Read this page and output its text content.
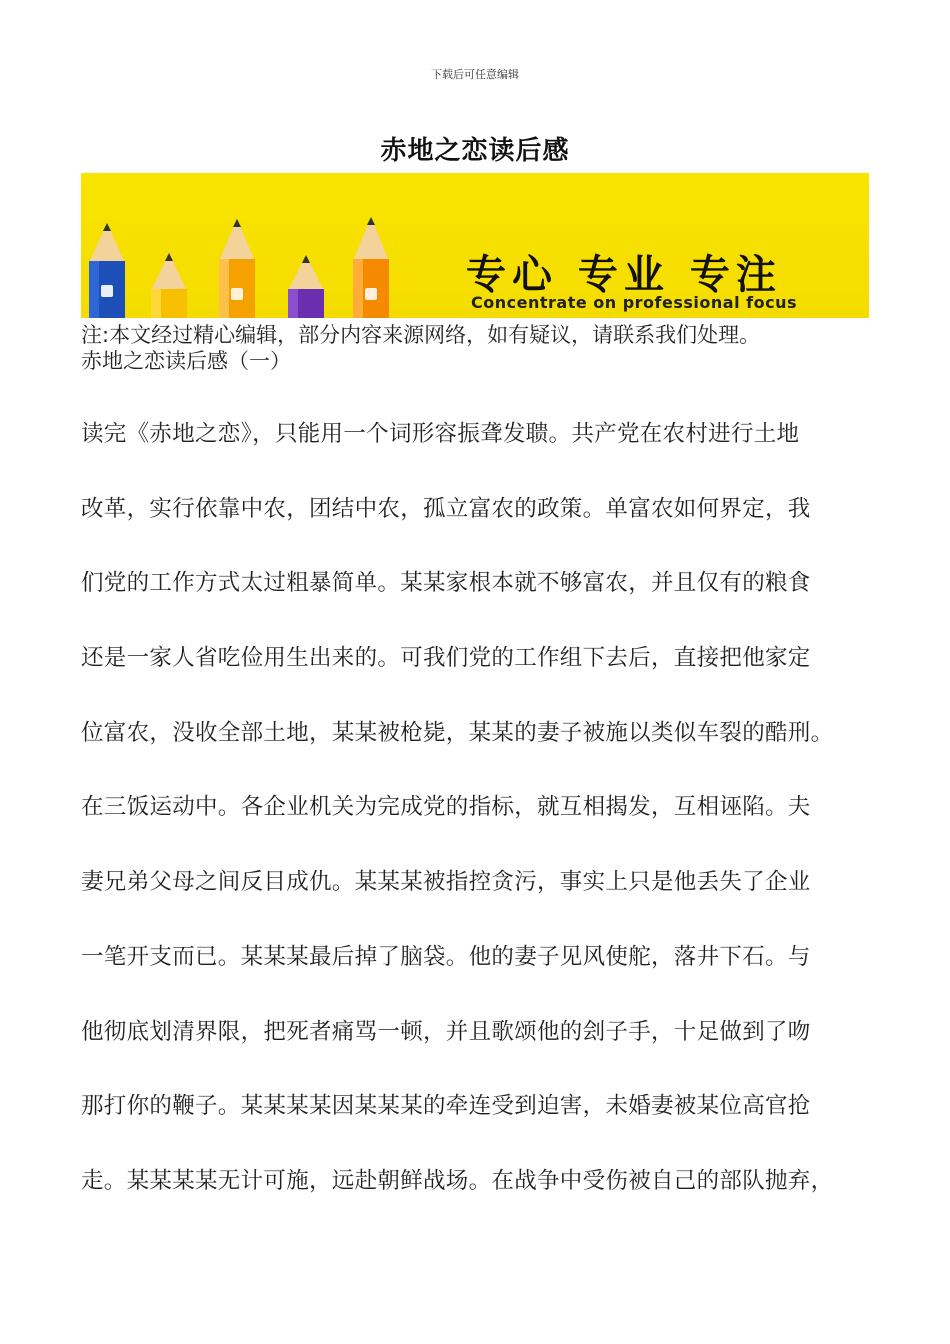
下载后可任意编辑
赤地之恋读后感
专心 专业 专注
Concentrate on professional focus
注:本文经过精心编辑，部分内容来源网络，如有疑议，请联系我们处理。
赤地之恋读后感（一）
读完《赤地之恋》，只能用一个词形容振聋发聩。共产党在农村进行土地
改革，实行依靠中农，团结中农，孤立富农的政策。单富农如何界定，我
们党的工作方式太过粗暴简单。某某家根本就不够富农，并且仅有的粮食
还是一家人省吃俭用生出来的。可我们党的工作组下去后，直接把他家定
位富农，没收全部土地，某某被枪毙，某某的妻子被施以类似车裂的酷刑。
在三饭运动中。各企业机关为完成党的指标，就互相揭发，互相诬陷。夫
妻兄弟父母之间反目成仇。某某某被指控贪污，事实上只是他丢失了企业
一笔开支而已。某某某最后掉了脑袋。他的妻子见风使舵，落井下石。与
他彻底划清界限，把死者痛骂一顿，并且歌颂他的刽子手，十足做到了吻
那打你的鞭子。某某某某因某某某的牵连受到迫害，未婚妻被某位高官抢
走。某某某某无计可施，远赴朝鲜战场。在战争中受伤被自己的部队抛弃，
